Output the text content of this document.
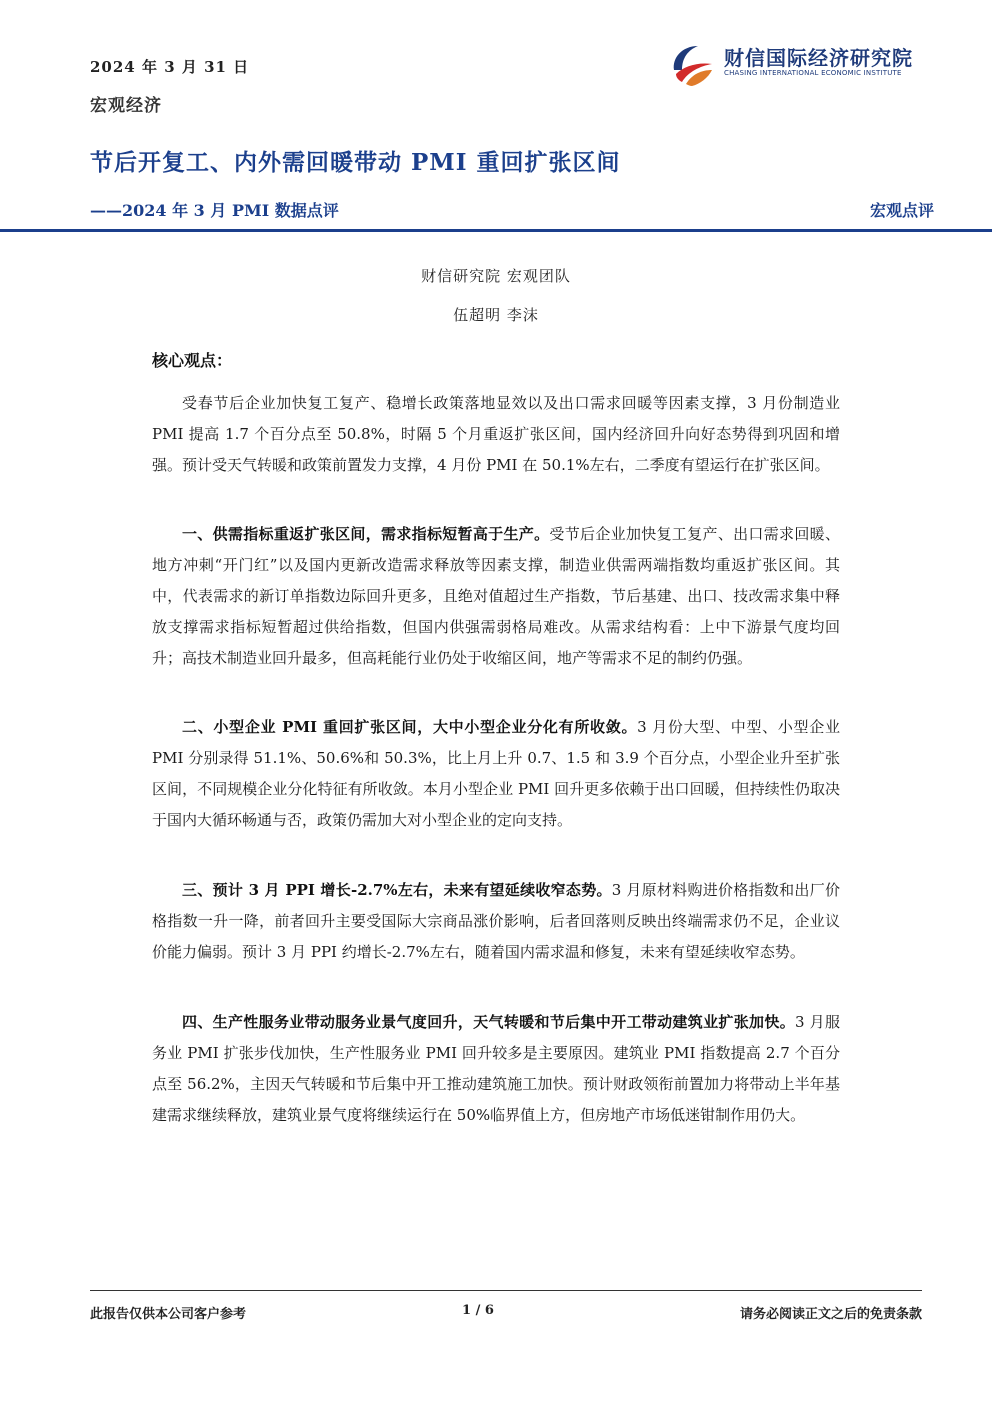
2024 年 3 月 31 日
宏观经济
财信国际经济研究院
CHASING INTERNATIONAL ECONOMIC INSTITUTE
节后开复工、内外需回暖带动 PMI 重回扩张区间
——2024 年 3 月 PMI 数据点评	宏观点评
财信研究院 宏观团队
伍超明 李沫
核心观点：

受春节后企业加快复工复产、稳增长政策落地显效以及出口需求回暖等因素支撑，3 月份制造业 PMI 提高 1.7 个百分点至 50.8%，时隔 5 个月重返扩张区间，国内经济回升向好态势得到巩固和增强。预计受天气转暖和政策前置发力支撑，4 月份 PMI 在 50.1%左右，二季度有望运行在扩张区间。

一、供需指标重返扩张区间，需求指标短暂高于生产。受节后企业加快复工复产、出口需求回暖、地方冲刺“开门红”以及国内更新改造需求释放等因素支撑，制造业供需两端指数均重返扩张区间。其中，代表需求的新订单指数边际回升更多，且绝对值超过生产指数，节后基建、出口、技改需求集中释放支撑需求指标短暂超过供给指数，但国内供强需弱格局难改。从需求结构看：上中下游景气度均回升；高技术制造业回升最多，但高耗能行业仍处于收缩区间，地产等需求不足的制约仍强。

二、小型企业 PMI 重回扩张区间，大中小型企业分化有所收敛。3 月份大型、中型、小型企业 PMI 分别录得 51.1%、50.6%和 50.3%，比上月上升 0.7、1.5 和 3.9 个百分点，小型企业升至扩张区间，不同规模企业分化特征有所收敛。本月小型企业 PMI 回升更多依赖于出口回暖，但持续性仍取决于国内大循环畅通与否，政策仍需加大对小型企业的定向支持。

三、预计 3 月 PPI 增长-2.7%左右，未来有望延续收窄态势。3 月原材料购进价格指数和出厂价格指数一升一降，前者回升主要受国际大宗商品涨价影响，后者回落则反映出终端需求仍不足，企业议价能力偏弱。预计 3 月 PPI 约增长-2.7%左右，随着国内需求温和修复，未来有望延续收窄态势。

四、生产性服务业带动服务业景气度回升，天气转暖和节后集中开工带动建筑业扩张加快。3 月服务业 PMI 扩张步伐加快，生产性服务业 PMI 回升较多是主要原因。建筑业 PMI 指数提高 2.7 个百分点至 56.2%，主因天气转暖和节后集中开工推动建筑施工加快。预计财政领衔前置加力将带动上半年基建需求继续释放，建筑业景气度将继续运行在 50%临界值上方，但房地产市场低迷钳制作用仍大。

此报告仅供本公司客户参考	1 / 6	请务必阅读正文之后的免责条款
